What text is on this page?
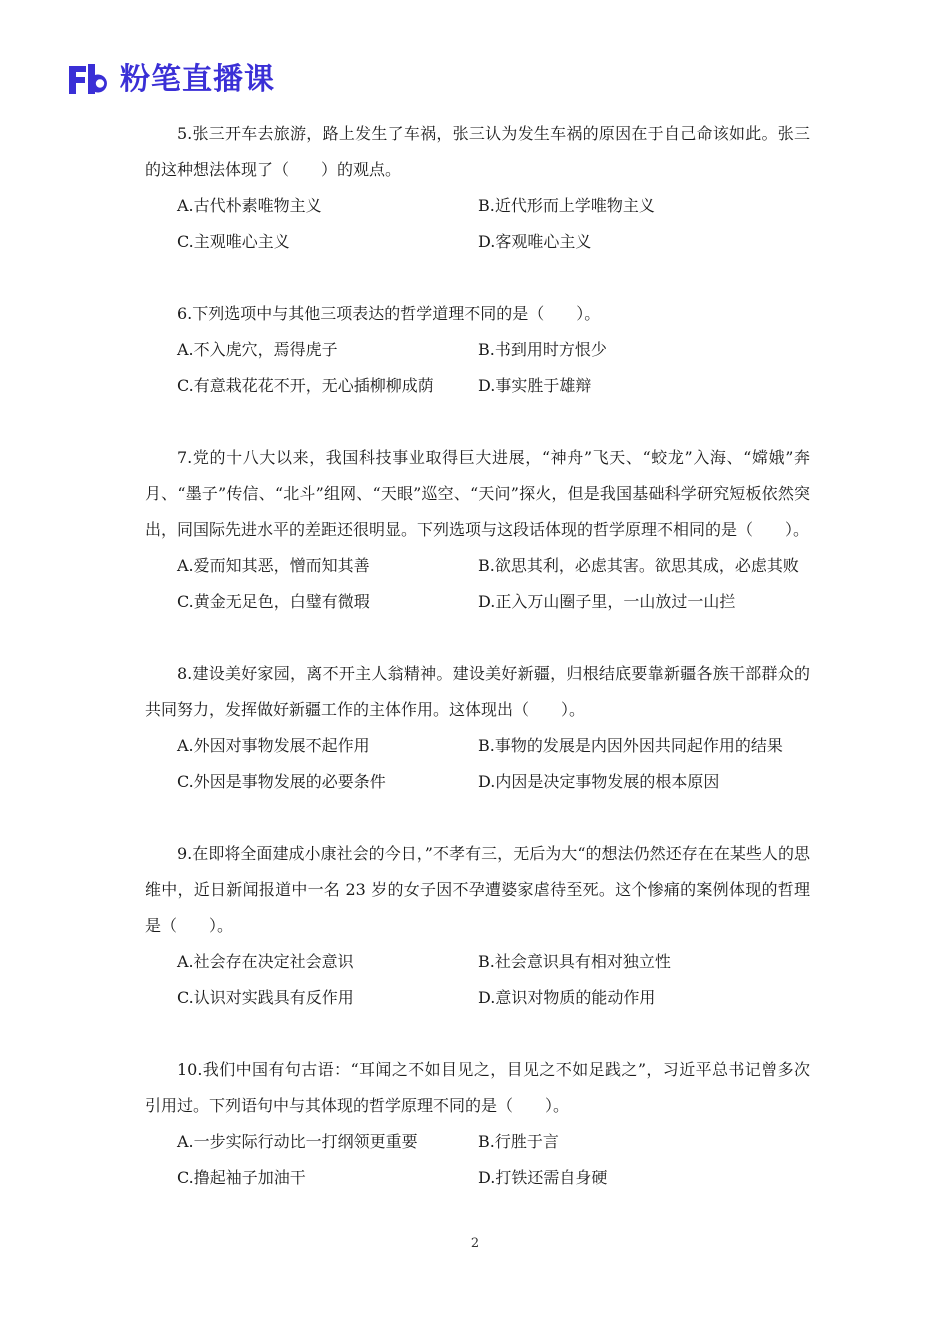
粉笔直播课

5.张三开车去旅游，路上发生了车祸，张三认为发生车祸的原因在于自己命该如此。张三的这种想法体现了（　　）的观点。

A.古代朴素唯物主义	B.近代形而上学唯物主义
C.主观唯心主义	D.客观唯心主义

6.下列选项中与其他三项表达的哲学道理不同的是（　　）。

A.不入虎穴，焉得虎子	B.书到用时方恨少
C.有意栽花花不开，无心插柳柳成荫	D.事实胜于雄辩

7.党的十八大以来，我国科技事业取得巨大进展，“神舟”飞天、“蛟龙”入海、“嫦娥”奔月、“墨子”传信、“北斗”组网、“天眼”巡空、“天问”探火，但是我国基础科学研究短板依然突出，同国际先进水平的差距还很明显。下列选项与这段话体现的哲学原理不相同的是（　　）。

A.爱而知其恶，憎而知其善	B.欲思其利，必虑其害。欲思其成，必虑其败
C.黄金无足色，白璧有微瑕	D.正入万山圈子里，一山放过一山拦

8.建设美好家园，离不开主人翁精神。建设美好新疆，归根结底要靠新疆各族干部群众的共同努力，发挥做好新疆工作的主体作用。这体现出（　　）。

A.外因对事物发展不起作用	B.事物的发展是内因外因共同起作用的结果
C.外因是事物发展的必要条件	D.内因是决定事物发展的根本原因

9.在即将全面建成小康社会的今日，”不孝有三，无后为大“的想法仍然还存在在某些人的思维中，近日新闻报道中一名 23 岁的女子因不孕遭婆家虐待至死。这个惨痛的案例体现的哲理是（　　）。

A.社会存在决定社会意识	B.社会意识具有相对独立性
C.认识对实践具有反作用	D.意识对物质的能动作用

10.我们中国有句古语：“耳闻之不如目见之，目见之不如足践之”，习近平总书记曾多次引用过。下列语句中与其体现的哲学原理不同的是（　　）。

A.一步实际行动比一打纲领更重要	B.行胜于言
C.撸起袖子加油干	D.打铁还需自身硬
2
